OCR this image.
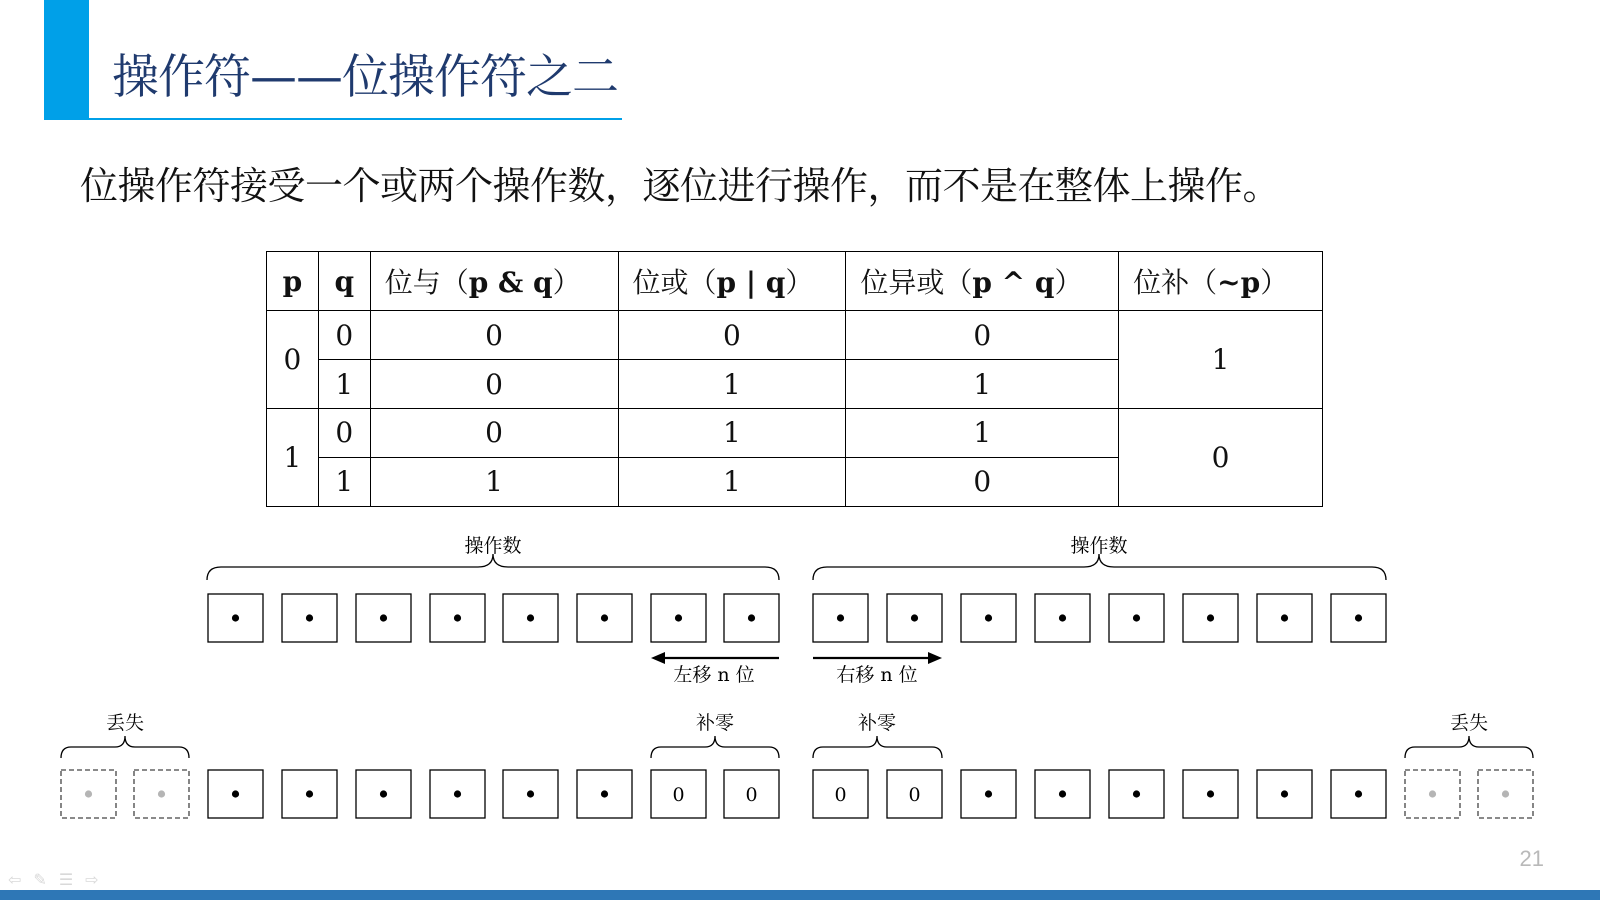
操作符——位操作符之二

位操作符接受一个或两个操作数，逐位进行操作，而不是在整体上操作。

p	q	位与（p & q）	位或（p | q）	位异或（p ^ q）	位补（~p）
0	0	0	0	0	1
	1	0	1	1	
1	0	0	1	1	0
	1	1	1	0	
操作数	操作数
左移 n 位	右移 n 位
丢失	补零	补零	丢失
0	0	0	0
21
⇦ ✎ ☰ ⇨
